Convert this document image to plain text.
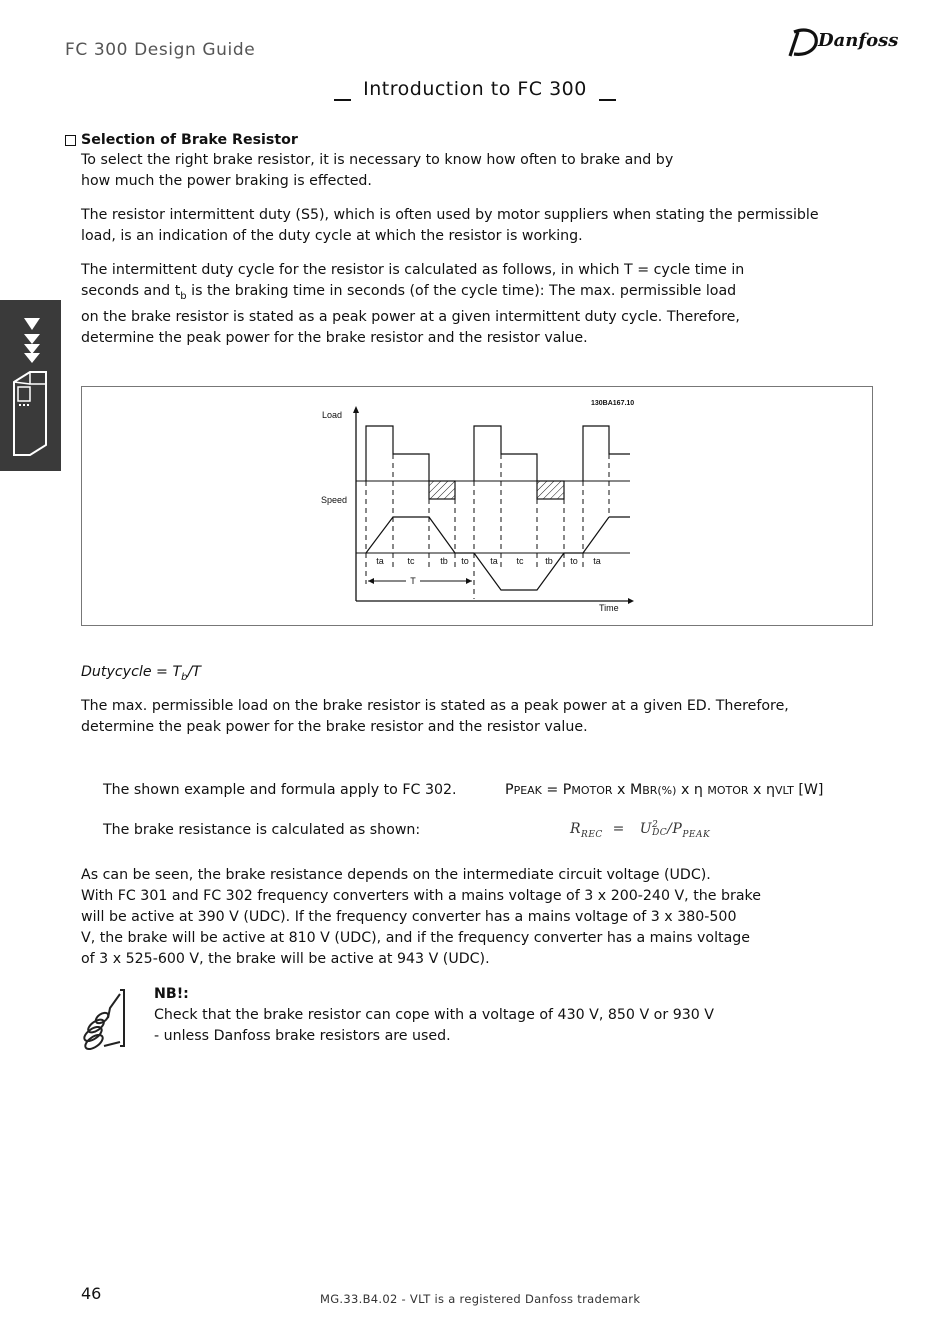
FC 300 Design Guide	Danfoss
Introduction to FC 300
Selection of Brake Resistor
To select the right brake resistor, it is necessary to know how often to brake and by
how much the power braking is effected.
The resistor intermittent duty (S5), which is often used by motor suppliers when stating the permissible
load, is an indication of the duty cycle at which the resistor is working.
The intermittent duty cycle for the resistor is calculated as follows, in which T = cycle time in
seconds and $t_b$ is the braking time in seconds (of the cycle time): The max. permissible load
on the brake resistor is stated as a peak power at a given intermittent duty cycle. Therefore,
determine the peak power for the brake resistor and the resistor value.
130BA167.10
Load
Speed
Time
ta	tc	tb to ta tc tb to ta
T
Dutycycle = $T_b/T$
The max. permissible load on the brake resistor is stated as a peak power at a given ED. Therefore,
determine the peak power for the brake resistor and the resistor value.
The shown example and formula apply to FC 302.	PPEAK = PMOTOR x MBR(%) x η MOTOR x ηVLT [W]
The brake resistance is calculated as shown:	$R_{REC} = U$ 2
DC $/P_{PEAK}$
As can be seen, the brake resistance depends on the intermediate circuit voltage (UDC).
With FC 301 and FC 302 frequency converters with a mains voltage of 3 x 200-240 V, the brake
will be active at 390 V (UDC). If the frequency converter has a mains voltage of 3 x 380-500
V, the brake will be active at 810 V (UDC), and if the frequency converter has a mains voltage
of 3 x 525-600 V, the brake will be active at 943 V (UDC).
NB!:
Check that the brake resistor can cope with a voltage of 430 V, 850 V or 930 V
- unless Danfoss brake resistors are used.
46	MG.33.B4.02 - VLT is a registered Danfoss trademark
